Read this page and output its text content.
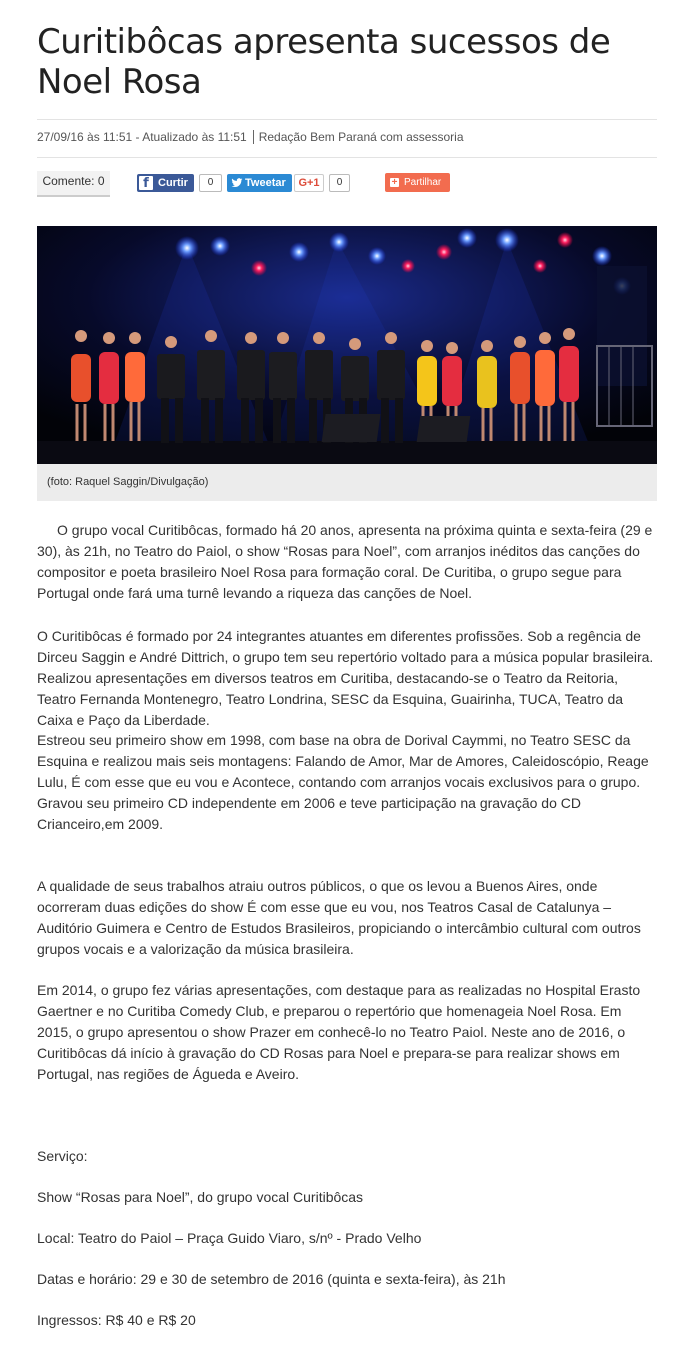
Curitibôcas apresenta sucessos de Noel Rosa
27/09/16 às 11:51 - Atualizado às 11:51 Redação Bem Paraná com assessoria
Comente: 0	f Curtir	0	Tweetar	G+1	0	+ Partilhar
(foto: Raquel Saggin/Divulgação)

O grupo vocal Curitibôcas, formado há 20 anos, apresenta na próxima quinta e sexta-feira (29 e 30), às 21h, no Teatro do Paiol, o show “Rosas para Noel”, com arranjos inéditos das canções do compositor e poeta brasileiro Noel Rosa para formação coral. De Curitiba, o grupo segue para Portugal onde fará uma turnê levando a riqueza das canções de Noel.

O Curitibôcas é formado por 24 integrantes atuantes em diferentes profissões. Sob a regência de Dirceu Saggin e André Dittrich, o grupo tem seu repertório voltado para a música popular brasileira. Realizou apresentações em diversos teatros em Curitiba, destacando-se o Teatro da Reitoria, Teatro Fernanda Montenegro, Teatro Londrina, SESC da Esquina, Guairinha, TUCA, Teatro da Caixa e Paço da Liberdade.

Estreou seu primeiro show em 1998, com base na obra de Dorival Caymmi, no Teatro SESC da Esquina e realizou mais seis montagens: Falando de Amor, Mar de Amores, Caleidoscópio, Reage Lulu, É com esse que eu vou e Acontece, contando com arranjos vocais exclusivos para o grupo. Gravou seu primeiro CD independente em 2006 e teve participação na gravação do CD Crianceiro,em 2009.

A qualidade de seus trabalhos atraiu outros públicos, o que os levou a Buenos Aires, onde ocorreram duas edições do show É com esse que eu vou, nos Teatros Casal de Catalunya – Auditório Guimera e Centro de Estudos Brasileiros, propiciando o intercâmbio cultural com outros grupos vocais e a valorização da música brasileira.

Em 2014, o grupo fez várias apresentações, com destaque para as realizadas no Hospital Erasto Gaertner e no Curitiba Comedy Club, e preparou o repertório que homenageia Noel Rosa. Em 2015, o grupo apresentou o show Prazer em conhecê-lo no Teatro Paiol. Neste ano de 2016, o Curitibôcas dá início à gravação do CD Rosas para Noel e prepara-se para realizar shows em Portugal, nas regiões de Águeda e Aveiro.

Serviço:
Show “Rosas para Noel”, do grupo vocal Curitibôcas
Local: Teatro do Paiol – Praça Guido Viaro, s/nº - Prado Velho
Datas e horário: 29 e 30 de setembro de 2016 (quinta e sexta-feira), às 21h
Ingressos: R$ 40 e R$ 20
